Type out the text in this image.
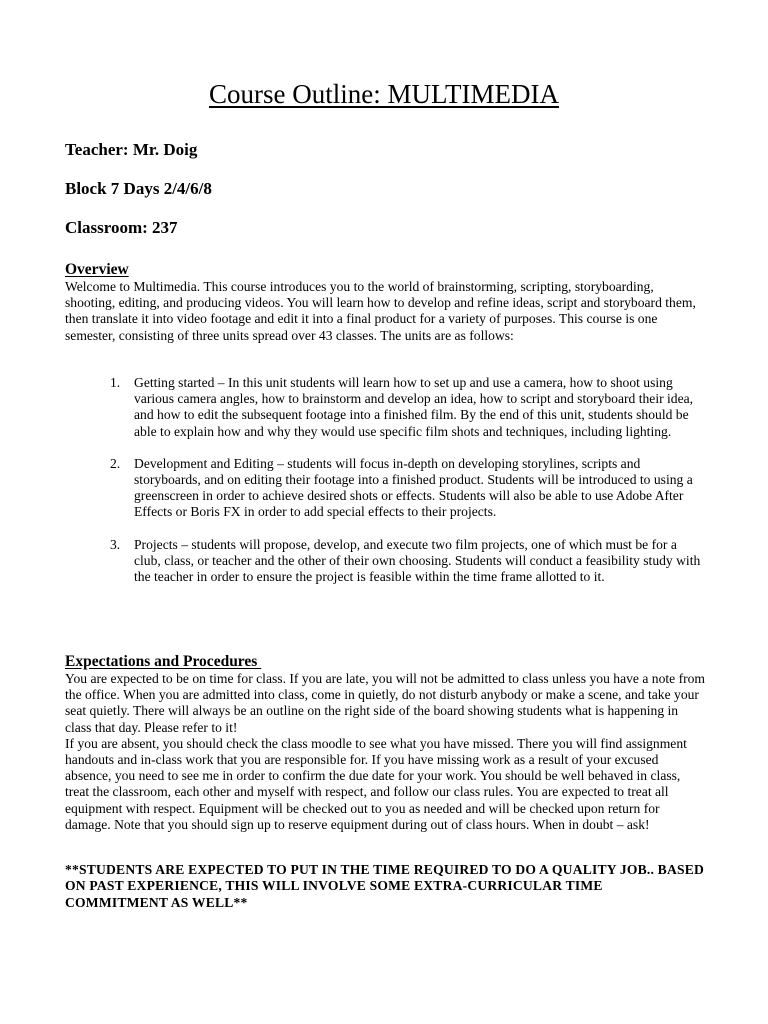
Course Outline: MULTIMEDIA
Teacher: Mr. Doig
Block 7 Days 2/4/6/8
Classroom: 237

Overview

Welcome to Multimedia. This course introduces you to the world of brainstorming, scripting, storyboarding, shooting, editing, and producing videos. You will learn how to develop and refine ideas, script and storyboard them, then translate it into video footage and edit it into a final product for a variety of purposes. This course is one semester, consisting of three units spread over 43 classes. The units are as follows:

1. Getting started – In this unit students will learn how to set up and use a camera, how to shoot using various camera angles, how to brainstorm and develop an idea, how to script and storyboard their idea, and how to edit the subsequent footage into a finished film. By the end of this unit, students should be able to explain how and why they would use specific film shots and techniques, including lighting.
2. Development and Editing – students will focus in-depth on developing storylines, scripts and storyboards, and on editing their footage into a finished product. Students will be introduced to using a greenscreen in order to achieve desired shots or effects. Students will also be able to use Adobe After Effects or Boris FX in order to add special effects to their projects.
3. Projects – students will propose, develop, and execute two film projects, one of which must be for a club, class, or teacher and the other of their own choosing. Students will conduct a feasibility study with the teacher in order to ensure the project is feasible within the time frame allotted to it.

Expectations and Procedures

You are expected to be on time for class. If you are late, you will not be admitted to class unless you have a note from the office. When you are admitted into class, come in quietly, do not disturb anybody or make a scene, and take your seat quietly. There will always be an outline on the right side of the board showing students what is happening in class that day. Please refer to it!

If you are absent, you should check the class moodle to see what you have missed. There you will find assignment handouts and in-class work that you are responsible for. If you have missing work as a result of your excused absence, you need to see me in order to confirm the due date for your work. You should be well behaved in class, treat the classroom, each other and myself with respect, and follow our class rules. You are expected to treat all equipment with respect. Equipment will be checked out to you as needed and will be checked upon return for damage. Note that you should sign up to reserve equipment during out of class hours. When in doubt – ask!

**STUDENTS ARE EXPECTED TO PUT IN THE TIME REQUIRED TO DO A QUALITY JOB.. BASED ON PAST EXPERIENCE, THIS WILL INVOLVE SOME EXTRA-CURRICULAR TIME COMMITMENT AS WELL**
